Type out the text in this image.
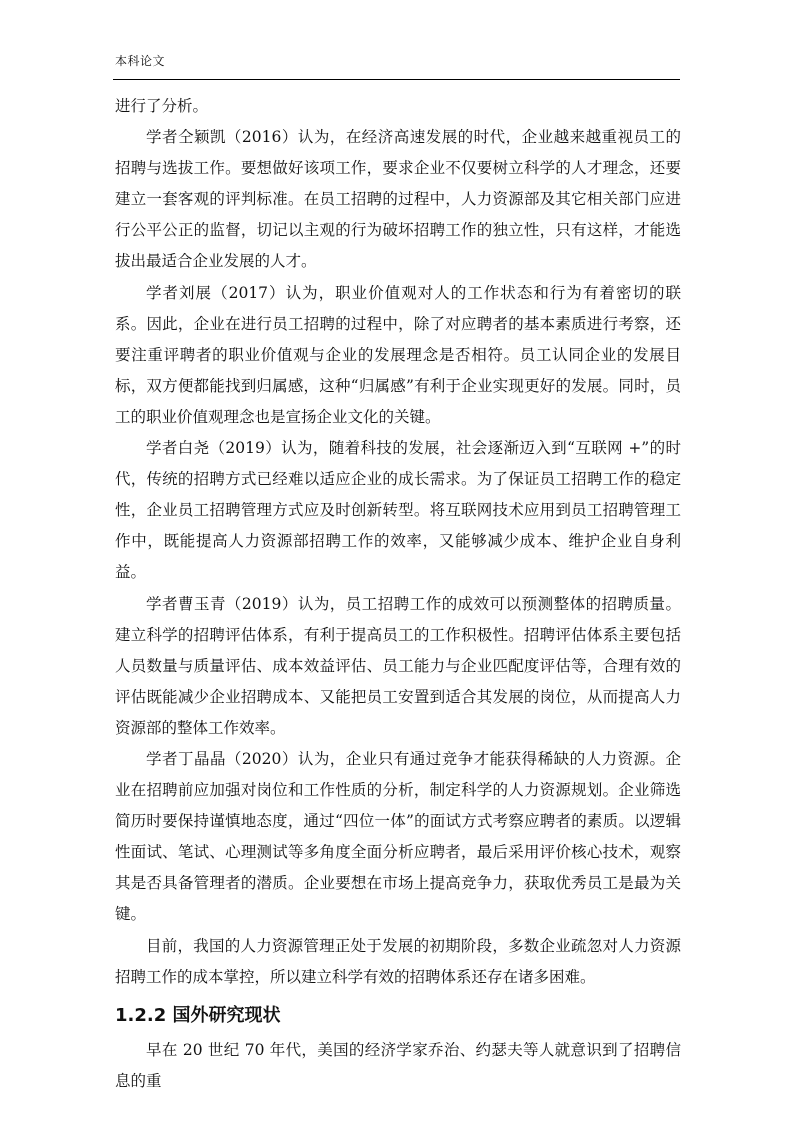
本科论文

进行了分析。

学者仝颖凯（2016）认为，在经济高速发展的时代，企业越来越重视员工的招聘与选拔工作。要想做好该项工作，要求企业不仅要树立科学的人才理念，还要建立一套客观的评判标准。在员工招聘的过程中，人力资源部及其它相关部门应进行公平公正的监督，切记以主观的行为破坏招聘工作的独立性，只有这样，才能选拔出最适合企业发展的人才。

学者刘展（2017）认为，职业价值观对人的工作状态和行为有着密切的联系。因此，企业在进行员工招聘的过程中，除了对应聘者的基本素质进行考察，还要注重评聘者的职业价值观与企业的发展理念是否相符。员工认同企业的发展目标，双方便都能找到归属感，这种“归属感”有利于企业实现更好的发展。同时，员工的职业价值观理念也是宣扬企业文化的关键。

学者白尧（2019）认为，随着科技的发展，社会逐渐迈入到“互联网 +”的时代，传统的招聘方式已经难以适应企业的成长需求。为了保证员工招聘工作的稳定性，企业员工招聘管理方式应及时创新转型。将互联网技术应用到员工招聘管理工作中，既能提高人力资源部招聘工作的效率，又能够减少成本、维护企业自身利益。

学者曹玉青（2019）认为，员工招聘工作的成效可以预测整体的招聘质量。建立科学的招聘评估体系，有利于提高员工的工作积极性。招聘评估体系主要包括人员数量与质量评估、成本效益评估、员工能力与企业匹配度评估等，合理有效的评估既能减少企业招聘成本、又能把员工安置到适合其发展的岗位，从而提高人力资源部的整体工作效率。

学者丁晶晶（2020）认为，企业只有通过竞争才能获得稀缺的人力资源。企业在招聘前应加强对岗位和工作性质的分析，制定科学的人力资源规划。企业筛选简历时要保持谨慎地态度，通过“四位一体”的面试方式考察应聘者的素质。以逻辑性面试、笔试、心理测试等多角度全面分析应聘者，最后采用评价核心技术，观察其是否具备管理者的潜质。企业要想在市场上提高竞争力，获取优秀员工是最为关键。

目前，我国的人力资源管理正处于发展的初期阶段，多数企业疏忽对人力资源招聘工作的成本掌控，所以建立科学有效的招聘体系还存在诸多困难。

1.2.2 国外研究现状

早在 20 世纪 70 年代，美国的经济学家乔治、约瑟夫等人就意识到了招聘信息的重
